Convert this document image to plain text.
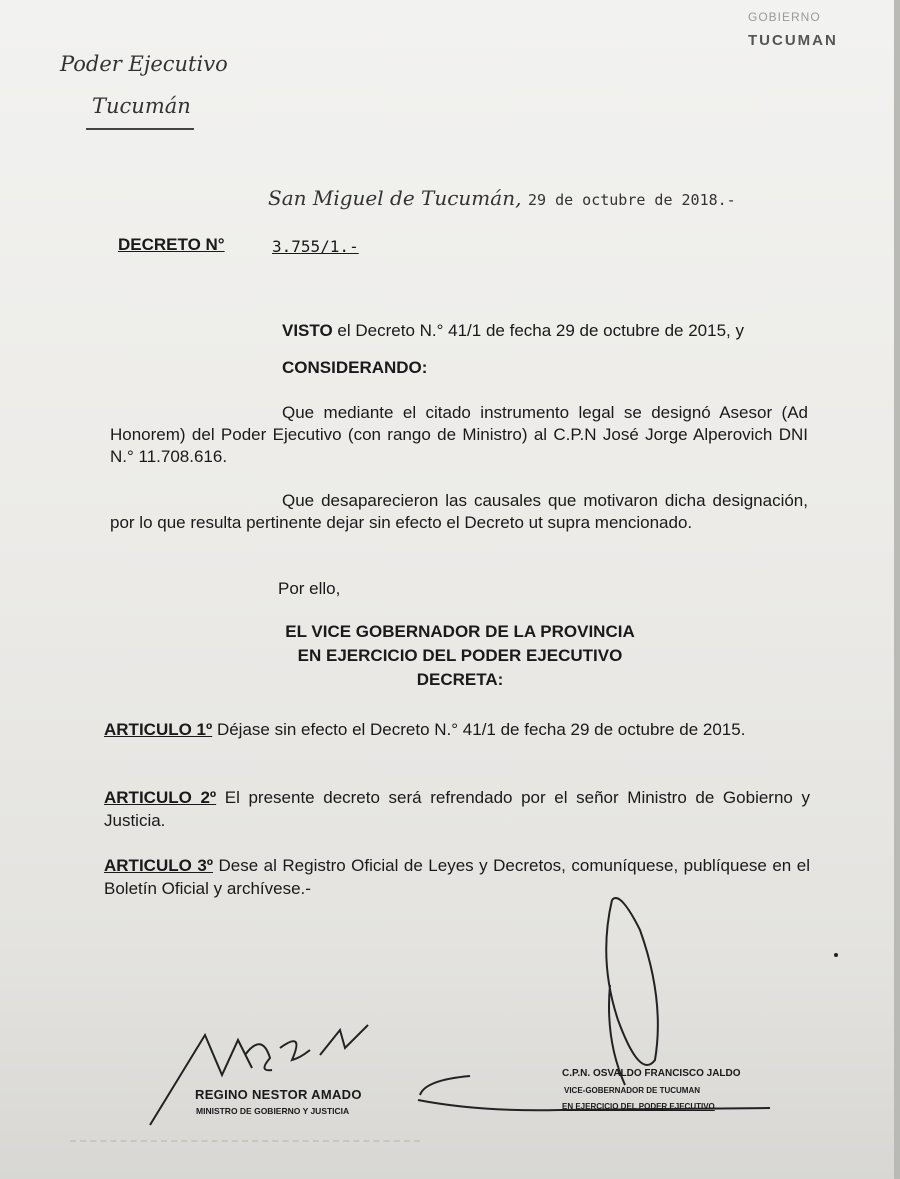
GOBIERNO
TUCUMAN
Poder Ejecutivo
Tucumán
San Miguel de Tucumán, 29 de octubre de 2018.-
DECRETO N°	3.755/1.-
VISTO el Decreto N.° 41/1 de fecha 29 de octubre de 2015, y
CONSIDERANDO:
Que mediante el citado instrumento legal se designó Asesor (Ad Honorem) del Poder Ejecutivo (con rango de Ministro) al C.P.N José Jorge Alperovich DNI N.° 11.708.616.
Que desaparecieron las causales que motivaron dicha designación, por lo que resulta pertinente dejar sin efecto el Decreto ut supra mencionado.
Por ello,
EL VICE GOBERNADOR DE LA PROVINCIA
EN EJERCICIO DEL PODER EJECUTIVO
DECRETA:
ARTICULO 1º Déjase sin efecto el Decreto N.° 41/1 de fecha 29 de octubre de 2015.
ARTICULO 2º El presente decreto será refrendado por el señor Ministro de Gobierno y Justicia.
ARTICULO 3º Dese al Registro Oficial de Leyes y Decretos, comuníquese, publíquese en el Boletín Oficial y archívese.-
REGINO NESTOR AMADO
MINISTRO DE GOBIERNO Y JUSTICIA
C.P.N. OSVALDO FRANCISCO JALDO
VICE-GOBERNADOR DE TUCUMAN
EN EJERCICIO DEL PODER EJECUTIVO
